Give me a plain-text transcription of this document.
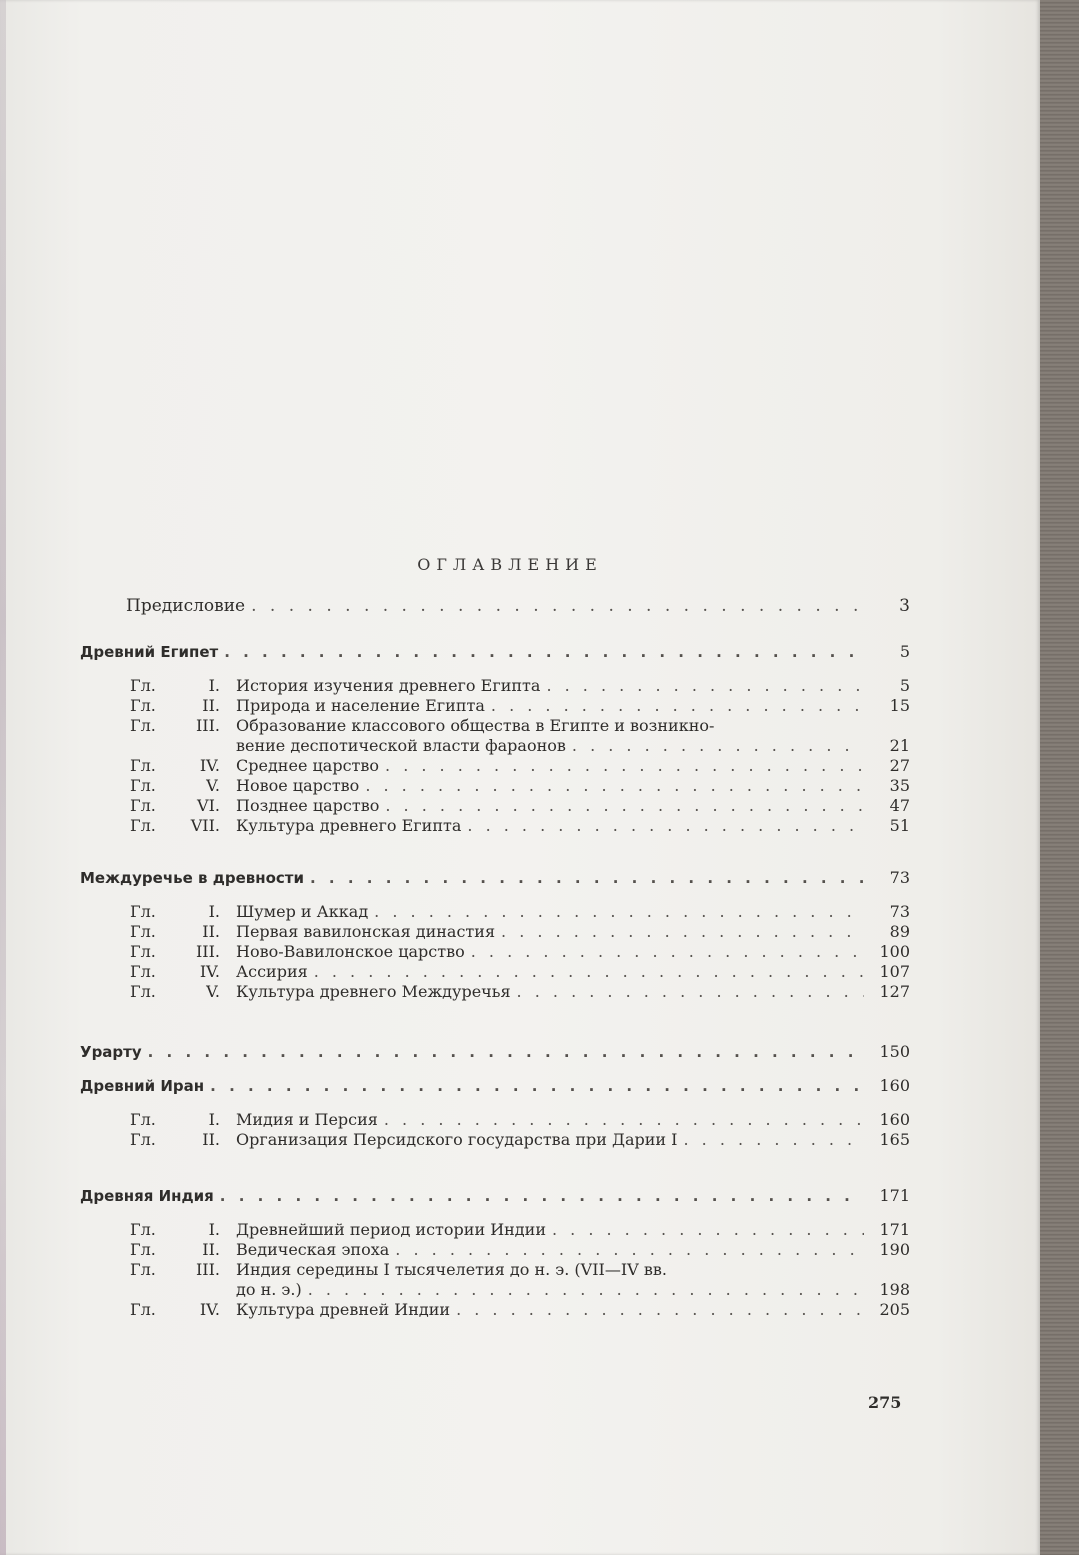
ОГЛАВЛЕНИЕ
Предисловие . . .	3
Древний Египет . . .	5
Гл.	I. История изучения древнего Египта . . .	5
Гл.	II. Природа и население Египта . . .	15
Гл.	III. Образование классового общества в Египте и возникно-
вение деспотической власти фараонов . . .	21
Гл.	IV. Среднее царство . . .	27
Гл.	V. Новое царство . . .	35
Гл.	VI. Позднее царство . . .	47
Гл. VII. Культура древнего Египта . . .	51
Междуречье в древности . . .	73
Гл.	I. Шумер и Аккад . . .	73
Гл.	II. Первая вавилонская династия . . .	89
Гл.	III. Ново-Вавилонское царство . . .	100
Гл.	IV. Ассирия . . .	107
Гл.	V. Культура древнего Междуречья . . .	127
Урарту . . .	150
Древний Иран . . .	160
Гл.	I. Мидия и Персия . . .	160
Гл.	II. Организация Персидского государства при Дарии I . . .	165
Древняя Индия . . .	171
Гл.	I. Древнейший период истории Индии . . .	171
Гл.	II. Ведическая эпоха . . .	190
Гл.	III. Индия середины I тысячелетия до н. э. (VII—IV вв.
до н. э.) . . .	198
Гл.	IV. Культура древней Индии . . .	205
275
